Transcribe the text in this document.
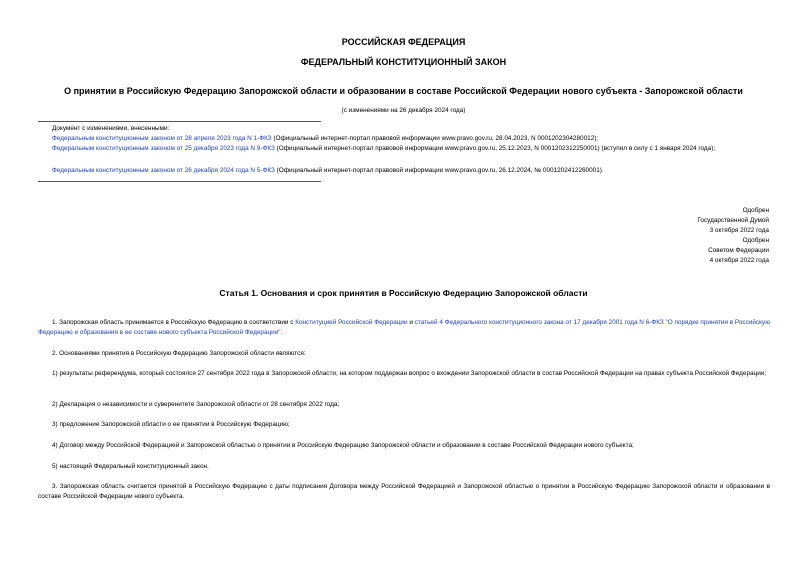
РОССИЙСКАЯ ФЕДЕРАЦИЯ
ФЕДЕРАЛЬНЫЙ КОНСТИТУЦИОННЫЙ ЗАКОН
О принятии в Российскую Федерацию Запорожской области и образовании в составе Российской Федерации нового субъекта - Запорожской области
(с изменениями на 26 декабря 2024 года)
Документ с изменениями, внесенными:
Федеральным конституционным законом от 28 апреля 2023 года N 1-ФКЗ (Официальный интернет-портал правовой информации www.pravo.gov.ru, 28.04.2023, N 0001202304280012);
Федеральным конституционным законом от 25 декабря 2023 года N 9-ФКЗ (Официальный интернет-портал правовой информации www.pravo.gov.ru, 25.12.2023, N 0001202312250001) (вступил в силу с 1 января 2024 года);
Федеральным конституционным законом от 26 декабря 2024 года N 5-ФКЗ (Официальный интернет-портал правовой информации www.pravo.gov.ru, 26.12.2024, № 0001202412260001).
Одобрен
Государственной Думой
3 октября 2022 года
Одобрен
Советом Федерации
4 октября 2022 года
Статья 1. Основания и срок принятия в Российскую Федерацию Запорожской области
1. Запорожская область принимается в Российскую Федерацию в соответствии с Конституцией Российской Федерации и статьей 4 Федерального конституционного закона от 17 декабря 2001 года N 6-ФКЗ "О порядке принятия в Российскую Федерацию и образования в ее составе нового субъекта Российской Федерации".
2. Основаниями принятия в Российскую Федерацию Запорожской области являются:
1) результаты референдума, который состоялся 27 сентября 2022 года в Запорожской области, на котором поддержан вопрос о вхождении Запорожской области в состав Российской Федерации на правах субъекта Российской Федерации;
2) Декларация о независимости и суверенитете Запорожской области от 28 сентября 2022 года;
3) предложение Запорожской области о ее принятии в Российскую Федерацию;
4) Договор между Российской Федерацией и Запорожской областью о принятии в Российскую Федерацию Запорожской области и образовании в составе Российской Федерации нового субъекта;
5) настоящий Федеральный конституционный закон.
3. Запорожская область считается принятой в Российскую Федерацию с даты подписания Договора между Российской Федерацией и Запорожской областью о принятии в Российскую Федерацию Запорожской области и образовании в составе Российской Федерации нового субъекта.
